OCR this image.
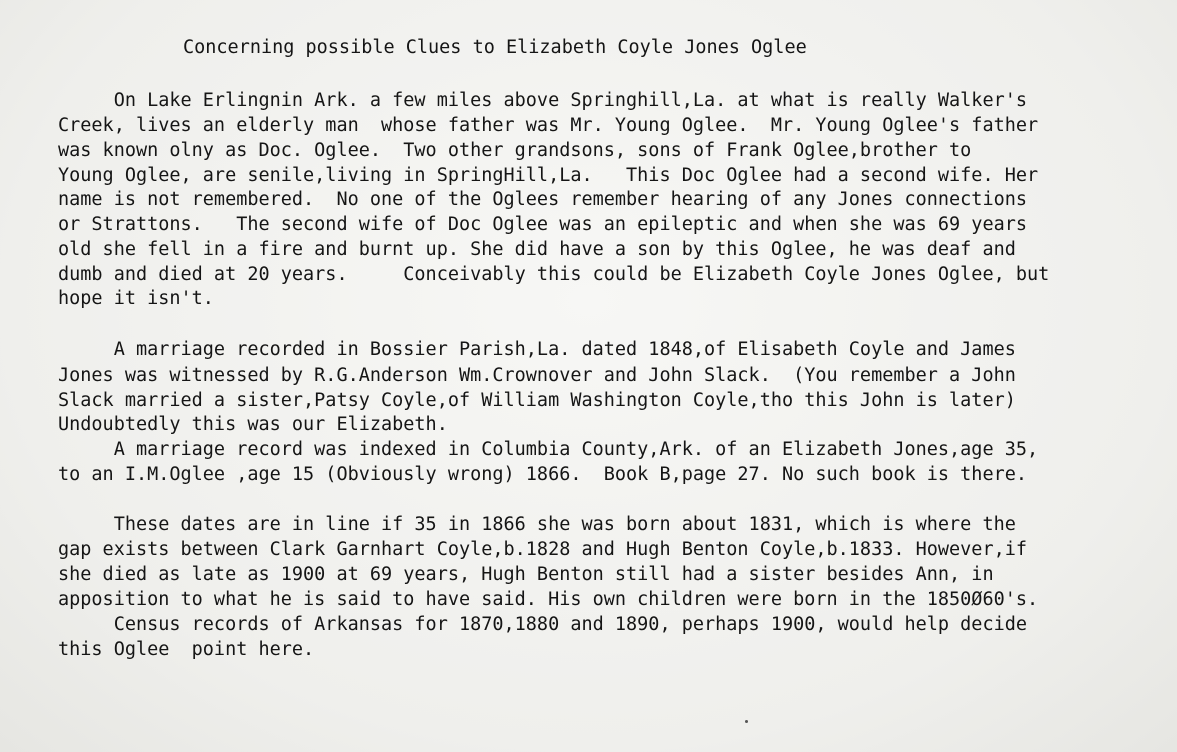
Concerning possible Clues to Elizabeth Coyle Jones Oglee
On Lake Erlingnin Ark. a few miles above Springhill,La. at what is really Walker's
Creek, lives an elderly man  whose father was Mr. Young Oglee.  Mr. Young Oglee's father
was known olny as Doc. Oglee.  Two other grandsons, sons of Frank Oglee,brother to
Young Oglee, are senile,living in SpringHill,La.   This Doc Oglee had a second wife. Her
name is not remembered.  No one of the Oglees remember hearing of any Jones connections
or Strattons.   The second wife of Doc Oglee was an epileptic and when she was 69 years
old she fell in a fire and burnt up. She did have a son by this Oglee, he was deaf and
dumb and died at 20 years.     Conceivably this could be Elizabeth Coyle Jones Oglee, but
hope it isn't.
A marriage recorded in Bossier Parish,La. dated 1848,of Elisabeth Coyle and James
Jones was witnessed by R.G.Anderson Wm.Crownover and John Slack.  (You remember a John
Slack married a sister,Patsy Coyle,of William Washington Coyle,tho this John is later)
Undoubtedly this was our Elizabeth.
A marriage record was indexed in Columbia County,Ark. of an Elizabeth Jones,age 35,
to an I.M.Oglee ,age 15 (Obviously wrong) 1866.  Book B,page 27. No such book is there.
These dates are in line if 35 in 1866 she was born about 1831, which is where the
gap exists between Clark Garnhart Coyle,b.1828 and Hugh Benton Coyle,b.1833. However,if
she died as late as 1900 at 69 years, Hugh Benton still had a sister besides Ann, in
apposition to what he is said to have said. His own children were born in the 1850Ø60's.
Census records of Arkansas for 1870,1880 and 1890, perhaps 1900, would help decide
this Oglee  point here.
